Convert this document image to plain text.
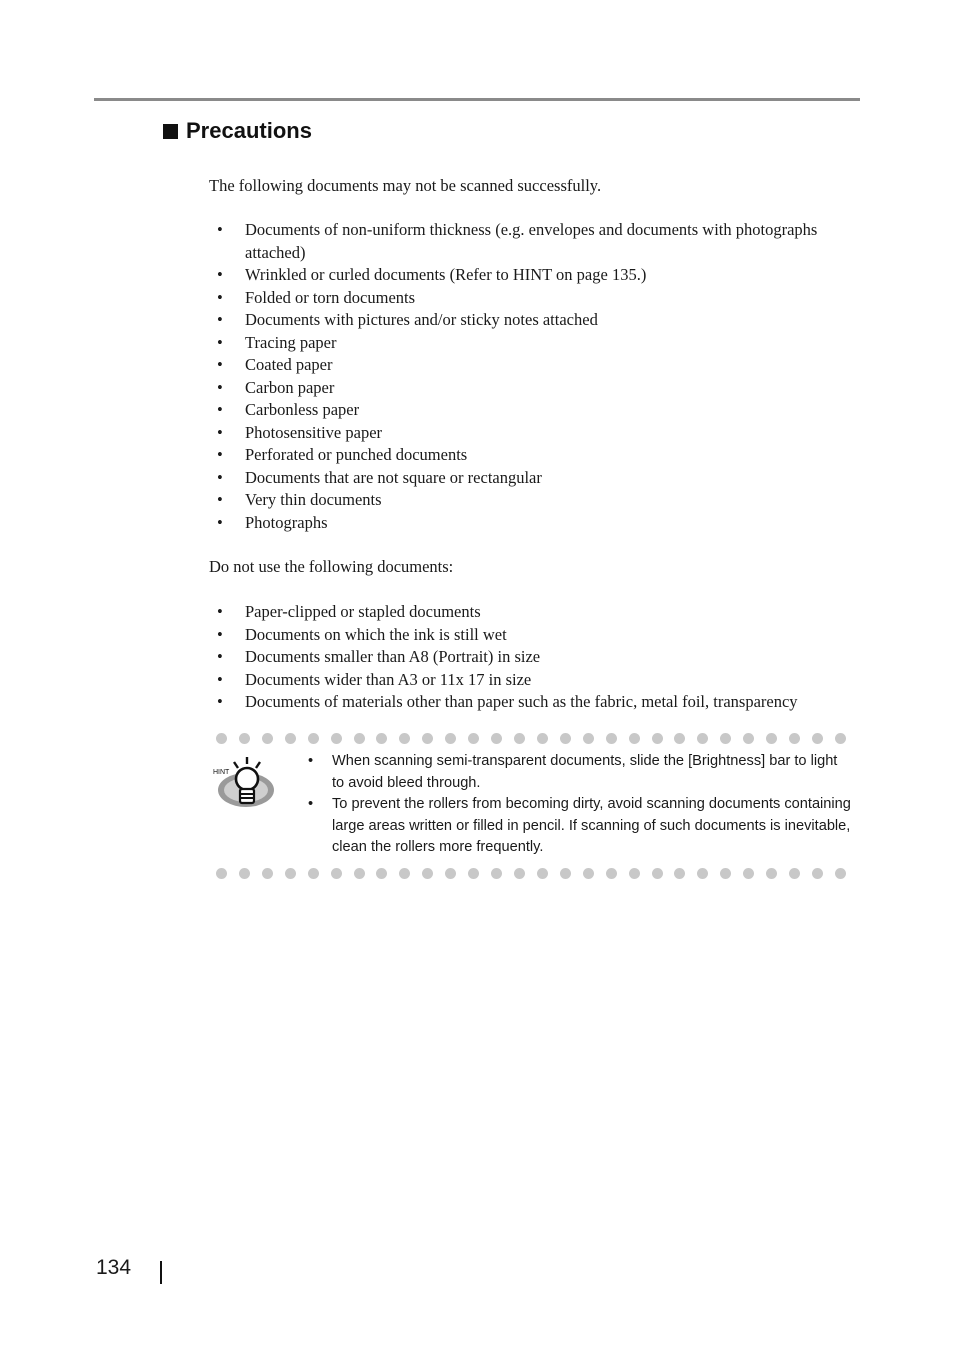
Precautions
The following documents may not be scanned successfully.
• Documents of non-uniform thickness (e.g. envelopes and documents with photographs attached)
• Wrinkled or curled documents (Refer to HINT on page 135.)
• Folded or torn documents
• Documents with pictures and/or sticky notes attached
• Tracing paper
• Coated paper
• Carbon paper
• Carbonless paper
• Photosensitive paper
• Perforated or punched documents
• Documents that are not square or rectangular
• Very thin documents
• Photographs
Do not use the following documents:
• Paper-clipped or stapled documents
• Documents on which the ink is still wet
• Documents smaller than A8 (Portrait) in size
• Documents wider than A3 or 11x 17 in size
• Documents of materials other than paper such as the fabric, metal foil, transparency
HINT
• When scanning semi-transparent documents, slide the [Brightness] bar to light to avoid bleed through.
• To prevent the rollers from becoming dirty, avoid scanning documents containing large areas written or filled in pencil. If scanning of such documents is inevitable, clean the rollers more frequently.
134
